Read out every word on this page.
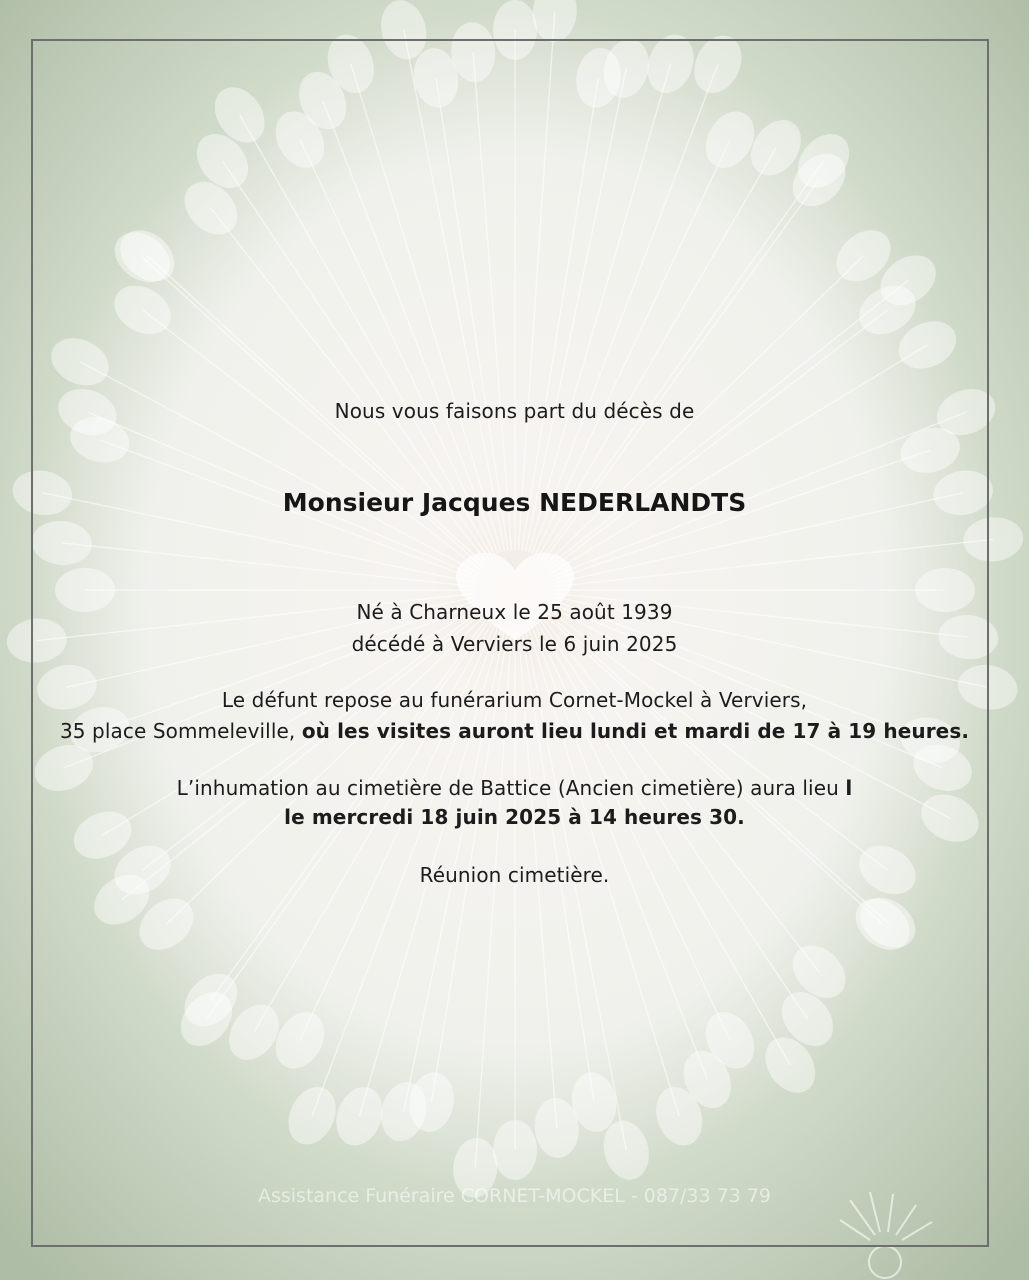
Nous vous faisons part du décès de
Monsieur Jacques NEDERLANDTS
Né à Charneux le 25 août 1939
décédé à Verviers le 6 juin 2025
Le défunt repose au funérarium Cornet-Mockel à Verviers,
35 place Sommeleville, où les visites auront lieu lundi et mardi de 17 à 19 heures.
L’inhumation au cimetière de Battice (Ancien cimetière) aura lieu l
le mercredi 18 juin 2025 à 14 heures 30.
Réunion cimetière.
Assistance Funéraire CORNET-MOCKEL - 087/33 73 79
